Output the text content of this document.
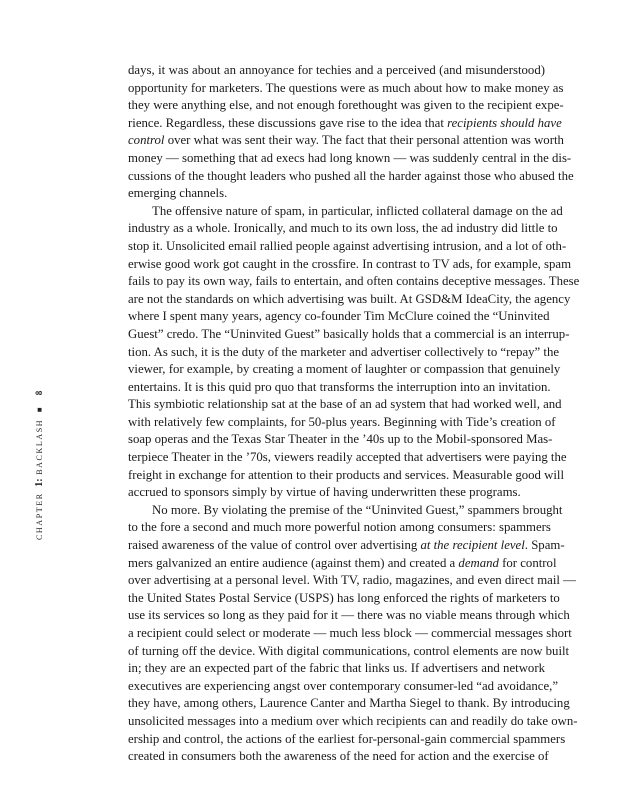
CHAPTER 1: BACKLASH ■ 8
days, it was about an annoyance for techies and a perceived (and misunderstood)
opportunity for marketers. The questions were as much about how to make money as
they were anything else, and not enough forethought was given to the recipient expe-
rience. Regardless, these discussions gave rise to the idea that recipients should have
control over what was sent their way. The fact that their personal attention was worth
money — something that ad execs had long known — was suddenly central in the dis-
cussions of the thought leaders who pushed all the harder against those who abused the
emerging channels.
The offensive nature of spam, in particular, inflicted collateral damage on the ad
industry as a whole. Ironically, and much to its own loss, the ad industry did little to
stop it. Unsolicited email rallied people against advertising intrusion, and a lot of oth-
erwise good work got caught in the crossfire. In contrast to TV ads, for example, spam
fails to pay its own way, fails to entertain, and often contains deceptive messages. These
are not the standards on which advertising was built. At GSD&M IdeaCity, the agency
where I spent many years, agency co-founder Tim McClure coined the “Uninvited
Guest” credo. The “Uninvited Guest” basically holds that a commercial is an interrup-
tion. As such, it is the duty of the marketer and advertiser collectively to “repay” the
viewer, for example, by creating a moment of laughter or compassion that genuinely
entertains. It is this quid pro quo that transforms the interruption into an invitation.
This symbiotic relationship sat at the base of an ad system that had worked well, and
with relatively few complaints, for 50-plus years. Beginning with Tide’s creation of
soap operas and the Texas Star Theater in the ’40s up to the Mobil-sponsored Mas-
terpiece Theater in the ’70s, viewers readily accepted that advertisers were paying the
freight in exchange for attention to their products and services. Measurable good will
accrued to sponsors simply by virtue of having underwritten these programs.
No more. By violating the premise of the “Uninvited Guest,” spammers brought
to the fore a second and much more powerful notion among consumers: spammers
raised awareness of the value of control over advertising at the recipient level. Spam-
mers galvanized an entire audience (against them) and created a demand for control
over advertising at a personal level. With TV, radio, magazines, and even direct mail —
the United States Postal Service (USPS) has long enforced the rights of marketers to
use its services so long as they paid for it — there was no viable means through which
a recipient could select or moderate — much less block — commercial messages short
of turning off the device. With digital communications, control elements are now built
in; they are an expected part of the fabric that links us. If advertisers and network
executives are experiencing angst over contemporary consumer-led “ad avoidance,”
they have, among others, Laurence Canter and Martha Siegel to thank. By introducing
unsolicited messages into a medium over which recipients can and readily do take own-
ership and control, the actions of the earliest for-personal-gain commercial spammers
created in consumers both the awareness of the need for action and the exercise of
